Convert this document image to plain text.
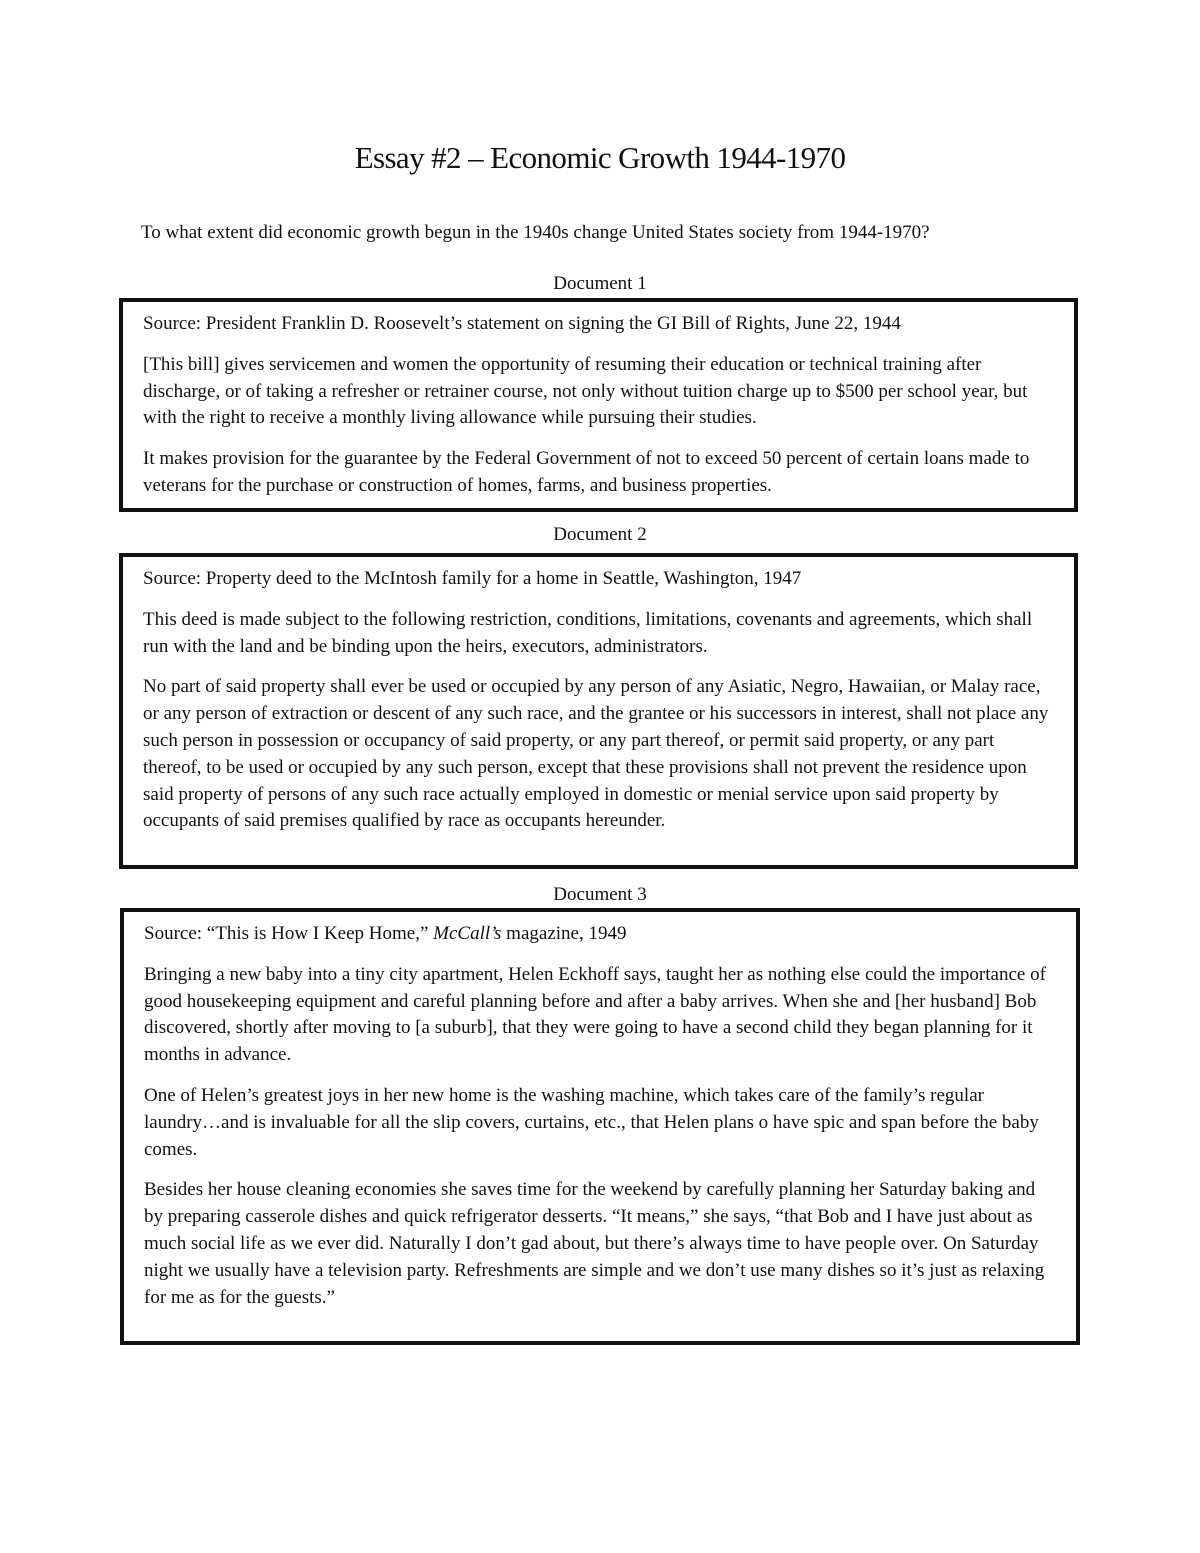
Essay #2 – Economic Growth 1944-1970

To what extent did economic growth begun in the 1940s change United States society from 1944-1970?

Document 1

Source: President Franklin D. Roosevelt’s statement on signing the GI Bill of Rights, June 22, 1944

[This bill] gives servicemen and women the opportunity of resuming their education or technical training after discharge, or of taking a refresher or retrainer course, not only without tuition charge up to $500 per school year, but with the right to receive a monthly living allowance while pursuing their studies.

It makes provision for the guarantee by the Federal Government of not to exceed 50 percent of certain loans made to veterans for the purchase or construction of homes, farms, and business properties.

Document 2

Source: Property deed to the McIntosh family for a home in Seattle, Washington, 1947

This deed is made subject to the following restriction, conditions, limitations, covenants and agreements, which shall run with the land and be binding upon the heirs, executors, administrators.

No part of said property shall ever be used or occupied by any person of any Asiatic, Negro, Hawaiian, or Malay race, or any person of extraction or descent of any such race, and the grantee or his successors in interest, shall not place any such person in possession or occupancy of said property, or any part thereof, or permit said property, or any part thereof, to be used or occupied by any such person, except that these provisions shall not prevent the residence upon said property of persons of any such race actually employed in domestic or menial service upon said property by occupants of said premises qualified by race as occupants hereunder.

Document 3

Source: “This is How I Keep Home,” McCall’s magazine, 1949

Bringing a new baby into a tiny city apartment, Helen Eckhoff says, taught her as nothing else could the importance of good housekeeping equipment and careful planning before and after a baby arrives. When she and [her husband] Bob discovered, shortly after moving to [a suburb], that they were going to have a second child they began planning for it months in advance.

One of Helen’s greatest joys in her new home is the washing machine, which takes care of the family’s regular laundry…and is invaluable for all the slip covers, curtains, etc., that Helen plans o have spic and span before the baby comes.

Besides her house cleaning economies she saves time for the weekend by carefully planning her Saturday baking and by preparing casserole dishes and quick refrigerator desserts. “It means,” she says, “that Bob and I have just about as much social life as we ever did. Naturally I don’t gad about, but there’s always time to have people over. On Saturday night we usually have a television party. Refreshments are simple and we don’t use many dishes so it’s just as relaxing for me as for the guests.”
